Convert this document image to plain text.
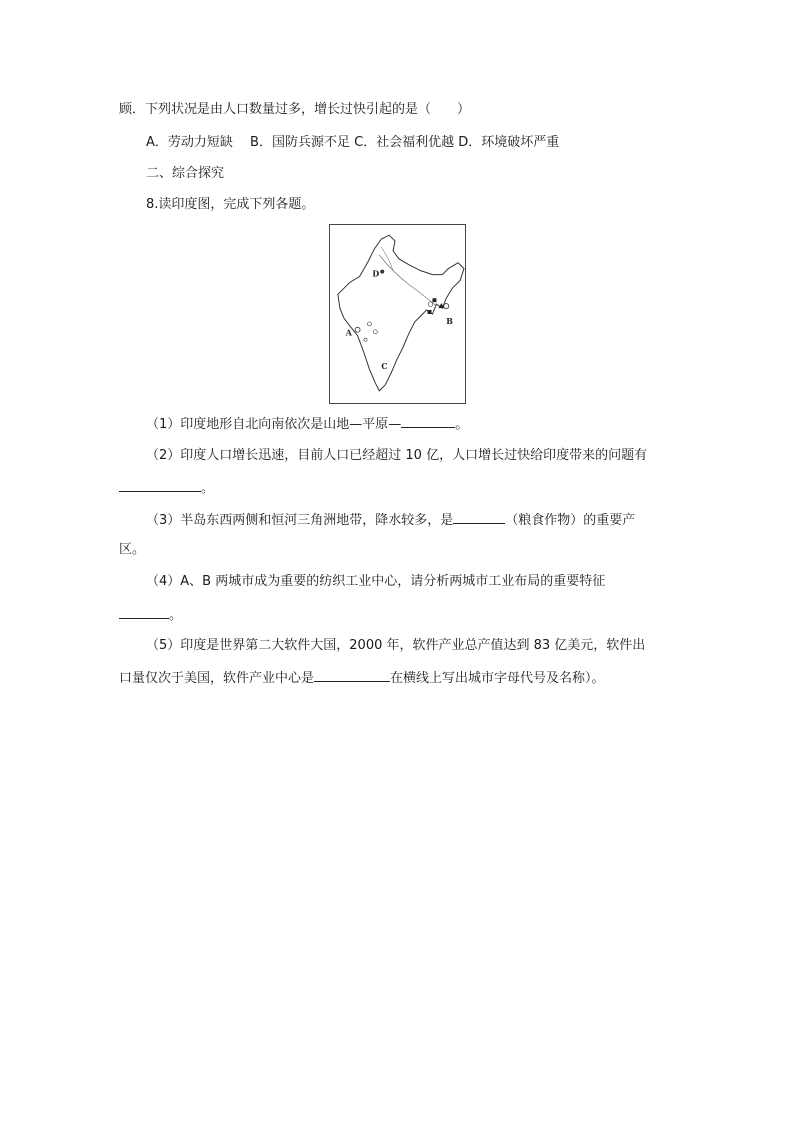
顾．下列状况是由人口数量过多，增长过快引起的是（　　）
A．劳动力短缺　 B．国防兵源不足 C．社会福利优越 D．环境破坏严重
二、综合探究
8.读印度图，完成下列各题。
D
A
B
C
（1）印度地形自北向南依次是山地—平原—	。
（2）印度人口增长迅速，目前人口已经超过 10 亿，人口增长过快给印度带来的问题有
。
（3）半岛东西两侧和恒河三角洲地带，降水较多，是	（粮食作物）的重要产
区。
（4）A、B 两城市成为重要的纺织工业中心，请分析两城市工业布局的重要特征
。
（5）印度是世界第二大软件大国，2000 年，软件产业总产值达到 83 亿美元，软件出
口量仅次于美国，软件产业中心是	在横线上写出城市字母代号及名称）。
